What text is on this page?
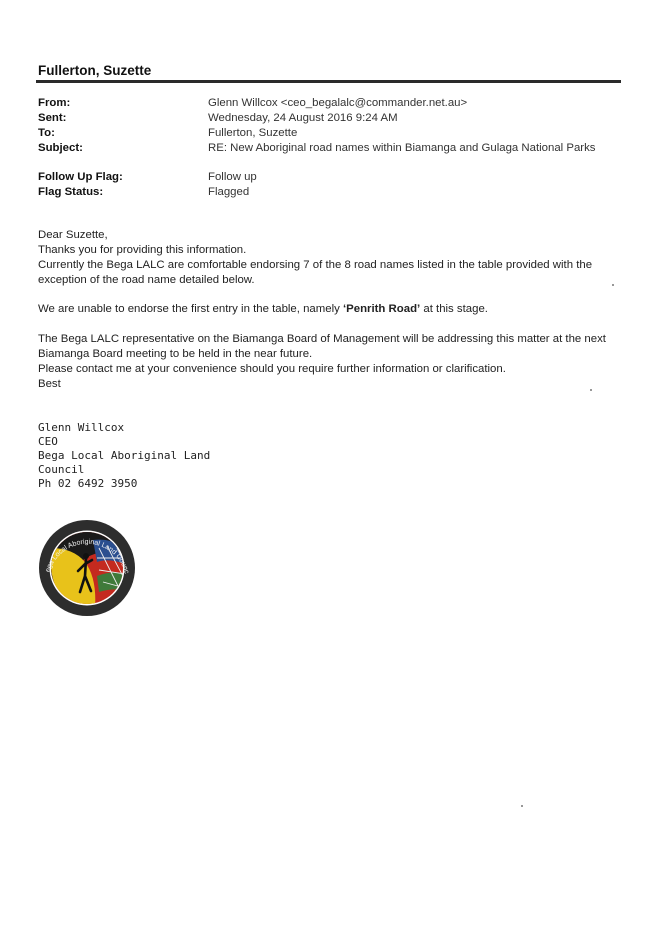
Fullerton, Suzette
From:	Glenn Willcox <ceo_begalalc@commander.net.au>
Sent:	Wednesday, 24 August 2016 9:24 AM
To:	Fullerton, Suzette
Subject:	RE: New Aboriginal road names within Biamanga and Gulaga National Parks
Follow Up Flag:	Follow up
Flag Status:	Flagged

Dear Suzette,

Thanks you for providing this information.

Currently the Bega LALC are comfortable endorsing 7 of the 8 road names listed in the table provided with the

exception of the road name detailed below.

We are unable to endorse the first entry in the table, namely ‘Penrith Road’ at this stage.

The Bega LALC representative on the Biamanga Board of Management will be addressing this matter at the next

Biamanga Board meeting to be held in the near future.

Please contact me at your convenience should you require further information or clarification.

Best

Glenn Willcox
CEO
Bega Local Aboriginal Land
Council
Ph 02 6492 3950
ega Local Aboriginal Land Counc
